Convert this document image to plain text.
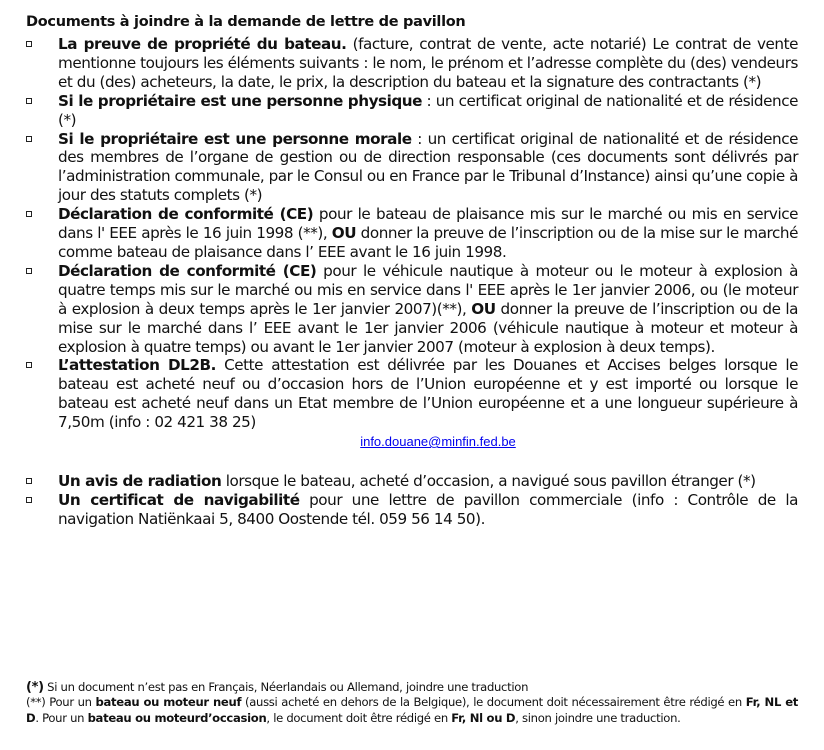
Documents à joindre à la demande de lettre de pavillon
La preuve de propriété du bateau. (facture, contrat de vente, acte notarié) Le contrat de vente mentionne toujours les éléments suivants : le nom, le prénom et l’adresse complète du (des) vendeurs et du (des) acheteurs, la date, le prix, la description du bateau et la signature des contractants (*)
Si le propriétaire est une personne physique : un certificat original de nationalité et de résidence (*)
Si le propriétaire est une personne morale : un certificat original de nationalité et de résidence des membres de l’organe de gestion ou de direction responsable (ces documents sont délivrés par l’administration communale, par le Consul ou en France par le Tribunal d’Instance) ainsi qu’une copie à jour des statuts complets (*)
Déclaration de conformité (CE) pour le bateau de plaisance mis sur le marché ou mis en service dans l' EEE après le 16 juin 1998 (**), OU donner la preuve de l’inscription ou de la mise sur le marché comme bateau de plaisance dans l’ EEE avant le 16 juin 1998.
Déclaration de conformité (CE) pour le véhicule nautique à moteur ou le moteur à explosion à quatre temps mis sur le marché ou mis en service dans l' EEE après le 1er janvier 2006, ou (le moteur à explosion à deux temps après le 1er janvier 2007)(**), OU donner la preuve de l’inscription ou de la mise sur le marché dans l’ EEE avant le 1er janvier 2006 (véhicule nautique à moteur et moteur à explosion à quatre temps) ou avant le 1er janvier 2007 (moteur à explosion à deux temps).
L’attestation DL2B. Cette attestation est délivrée par les Douanes et Accises belges lorsque le bateau est acheté neuf ou d’occasion hors de l’Union européenne et y est importé ou lorsque le bateau est acheté neuf dans un Etat membre de l’Union européenne et a une longueur supérieure à 7,50m (info : 02 421 38 25)
info.douane@minfin.fed.be
Un avis de radiation lorsque le bateau, acheté d’occasion, a navigué sous pavillon étranger (*)
Un certificat de navigabilité pour une lettre de pavillon commerciale (info : Contrôle de la navigation Natiënkaai 5, 8400 Oostende tél. 059 56 14 50).

(*) Si un document n’est pas en Français, Néerlandais ou Allemand, joindre une traduction

(**) Pour un bateau ou moteur neuf (aussi acheté en dehors de la Belgique), le document doit nécessairement être rédigé en Fr, NL et D. Pour un bateau ou moteurd’occasion, le document doit être rédigé en Fr, Nl ou D, sinon joindre une traduction.
